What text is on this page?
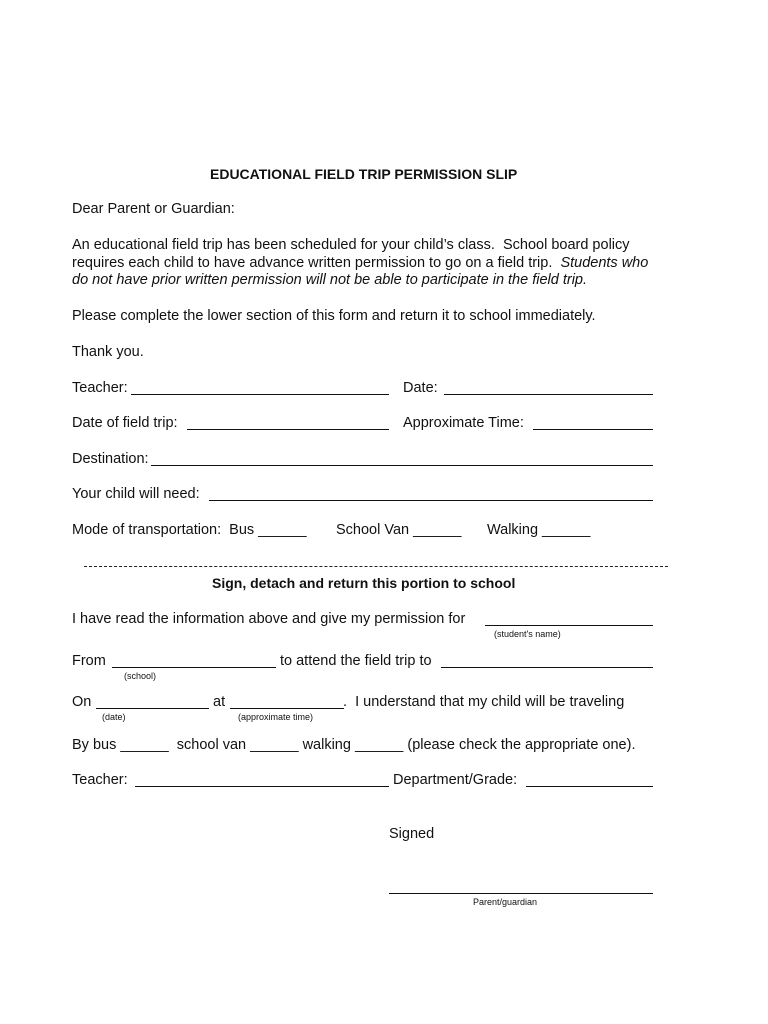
EDUCATIONAL FIELD TRIP PERMISSION SLIP
Dear Parent or Guardian:
An educational field trip has been scheduled for your child’s class.  School board policy
requires each child to have advance written permission to go on a field trip.  Students who
do not have prior written permission will not be able to participate in the field trip.
Please complete the lower section of this form and return it to school immediately.
Thank you.
Teacher:	Date:
Date of field trip:	Approximate Time:
Destination:
Your child will need:
Mode of transportation:  Bus ______ School Van ______ Walking ______
Sign, detach and return this portion to school
I have read the information above and give my permission for
(student's name)
From	to attend the field trip to
(school)
On	at	.  I understand that my child will be traveling
(date)	(approximate time)
By bus ______  school van ______ walking ______ (please check the appropriate one).
Teacher:	Department/Grade:
Signed
Parent/guardian
